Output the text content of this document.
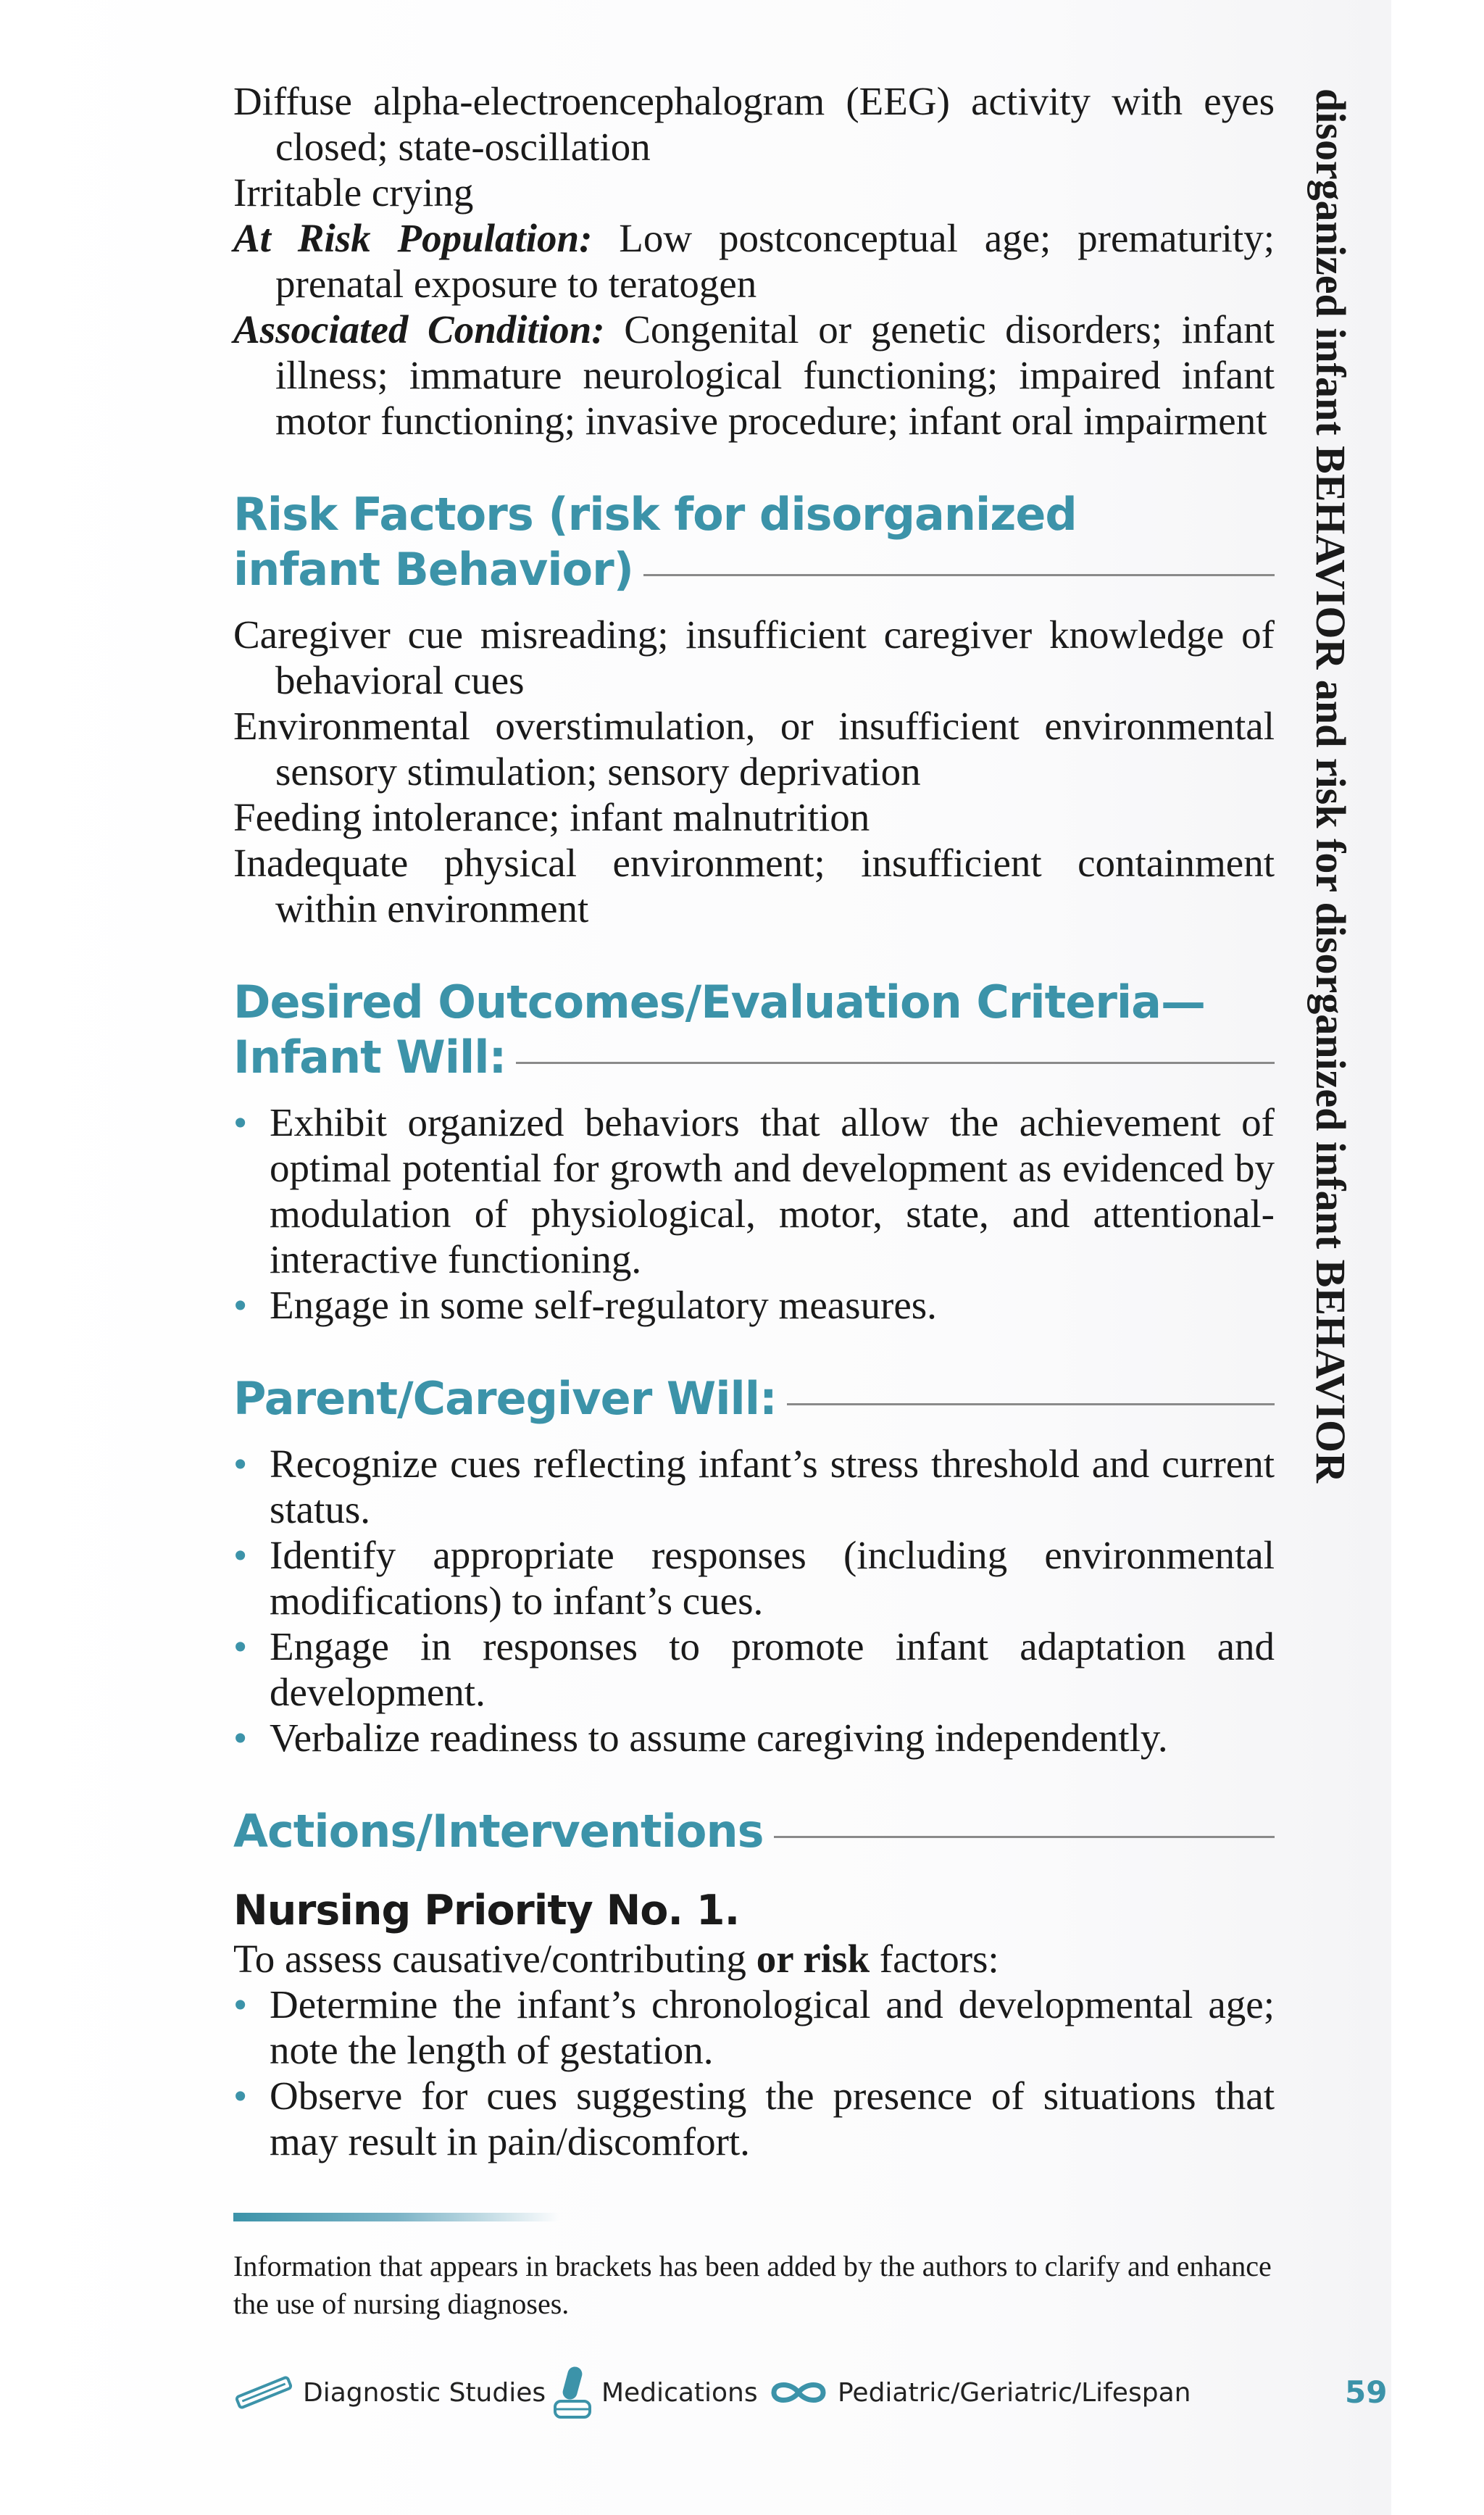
Diffuse alpha-electroencephalogram (EEG) activity with eyes closed; state-oscillation

Irritable crying

At Risk Population: Low postconceptual age; prematurity; prenatal exposure to teratogen

Associated Condition: Congenital or genetic disorders; infant illness; immature neurological functioning; impaired infant motor functioning; invasive procedure; infant oral impairment

Risk Factors (risk for disorganized
infant Behavior)

Caregiver cue misreading; insufficient caregiver knowledge of behavioral cues

Environmental overstimulation, or insufficient environmental sensory stimulation; sensory deprivation

Feeding intolerance; infant malnutrition

Inadequate physical environment; insufficient containment within environment

Desired Outcomes/Evaluation Criteria—
Infant Will:
• Exhibit organized behaviors that allow the achievement of optimal potential for growth and development as evidenced by modulation of physiological, motor, state, and attentional-interactive functioning.
• Engage in some self-regulatory measures.
Parent/Caregiver Will:
• Recognize cues reflecting infant’s stress threshold and current status.
• Identify appropriate responses (including environmental modifications) to infant’s cues.
• Engage in responses to promote infant adaptation and development.
• Verbalize readiness to assume caregiving independently.
Actions/Interventions
Nursing Priority No. 1.

To assess causative/contributing or risk factors:

• Determine the infant’s chronological and developmental age; note the length of gestation.
• Observe for cues suggesting the presence of situations that may result in pain/discomfort.
Information that appears in brackets has been added by the authors to clarify and enhance the use of nursing diagnoses.
Diagnostic Studies Medications	Pediatric/Geriatric/Lifespan	59
disorganized infant BEHAVIOR and risk for disorganized infant BEHAVIOR
